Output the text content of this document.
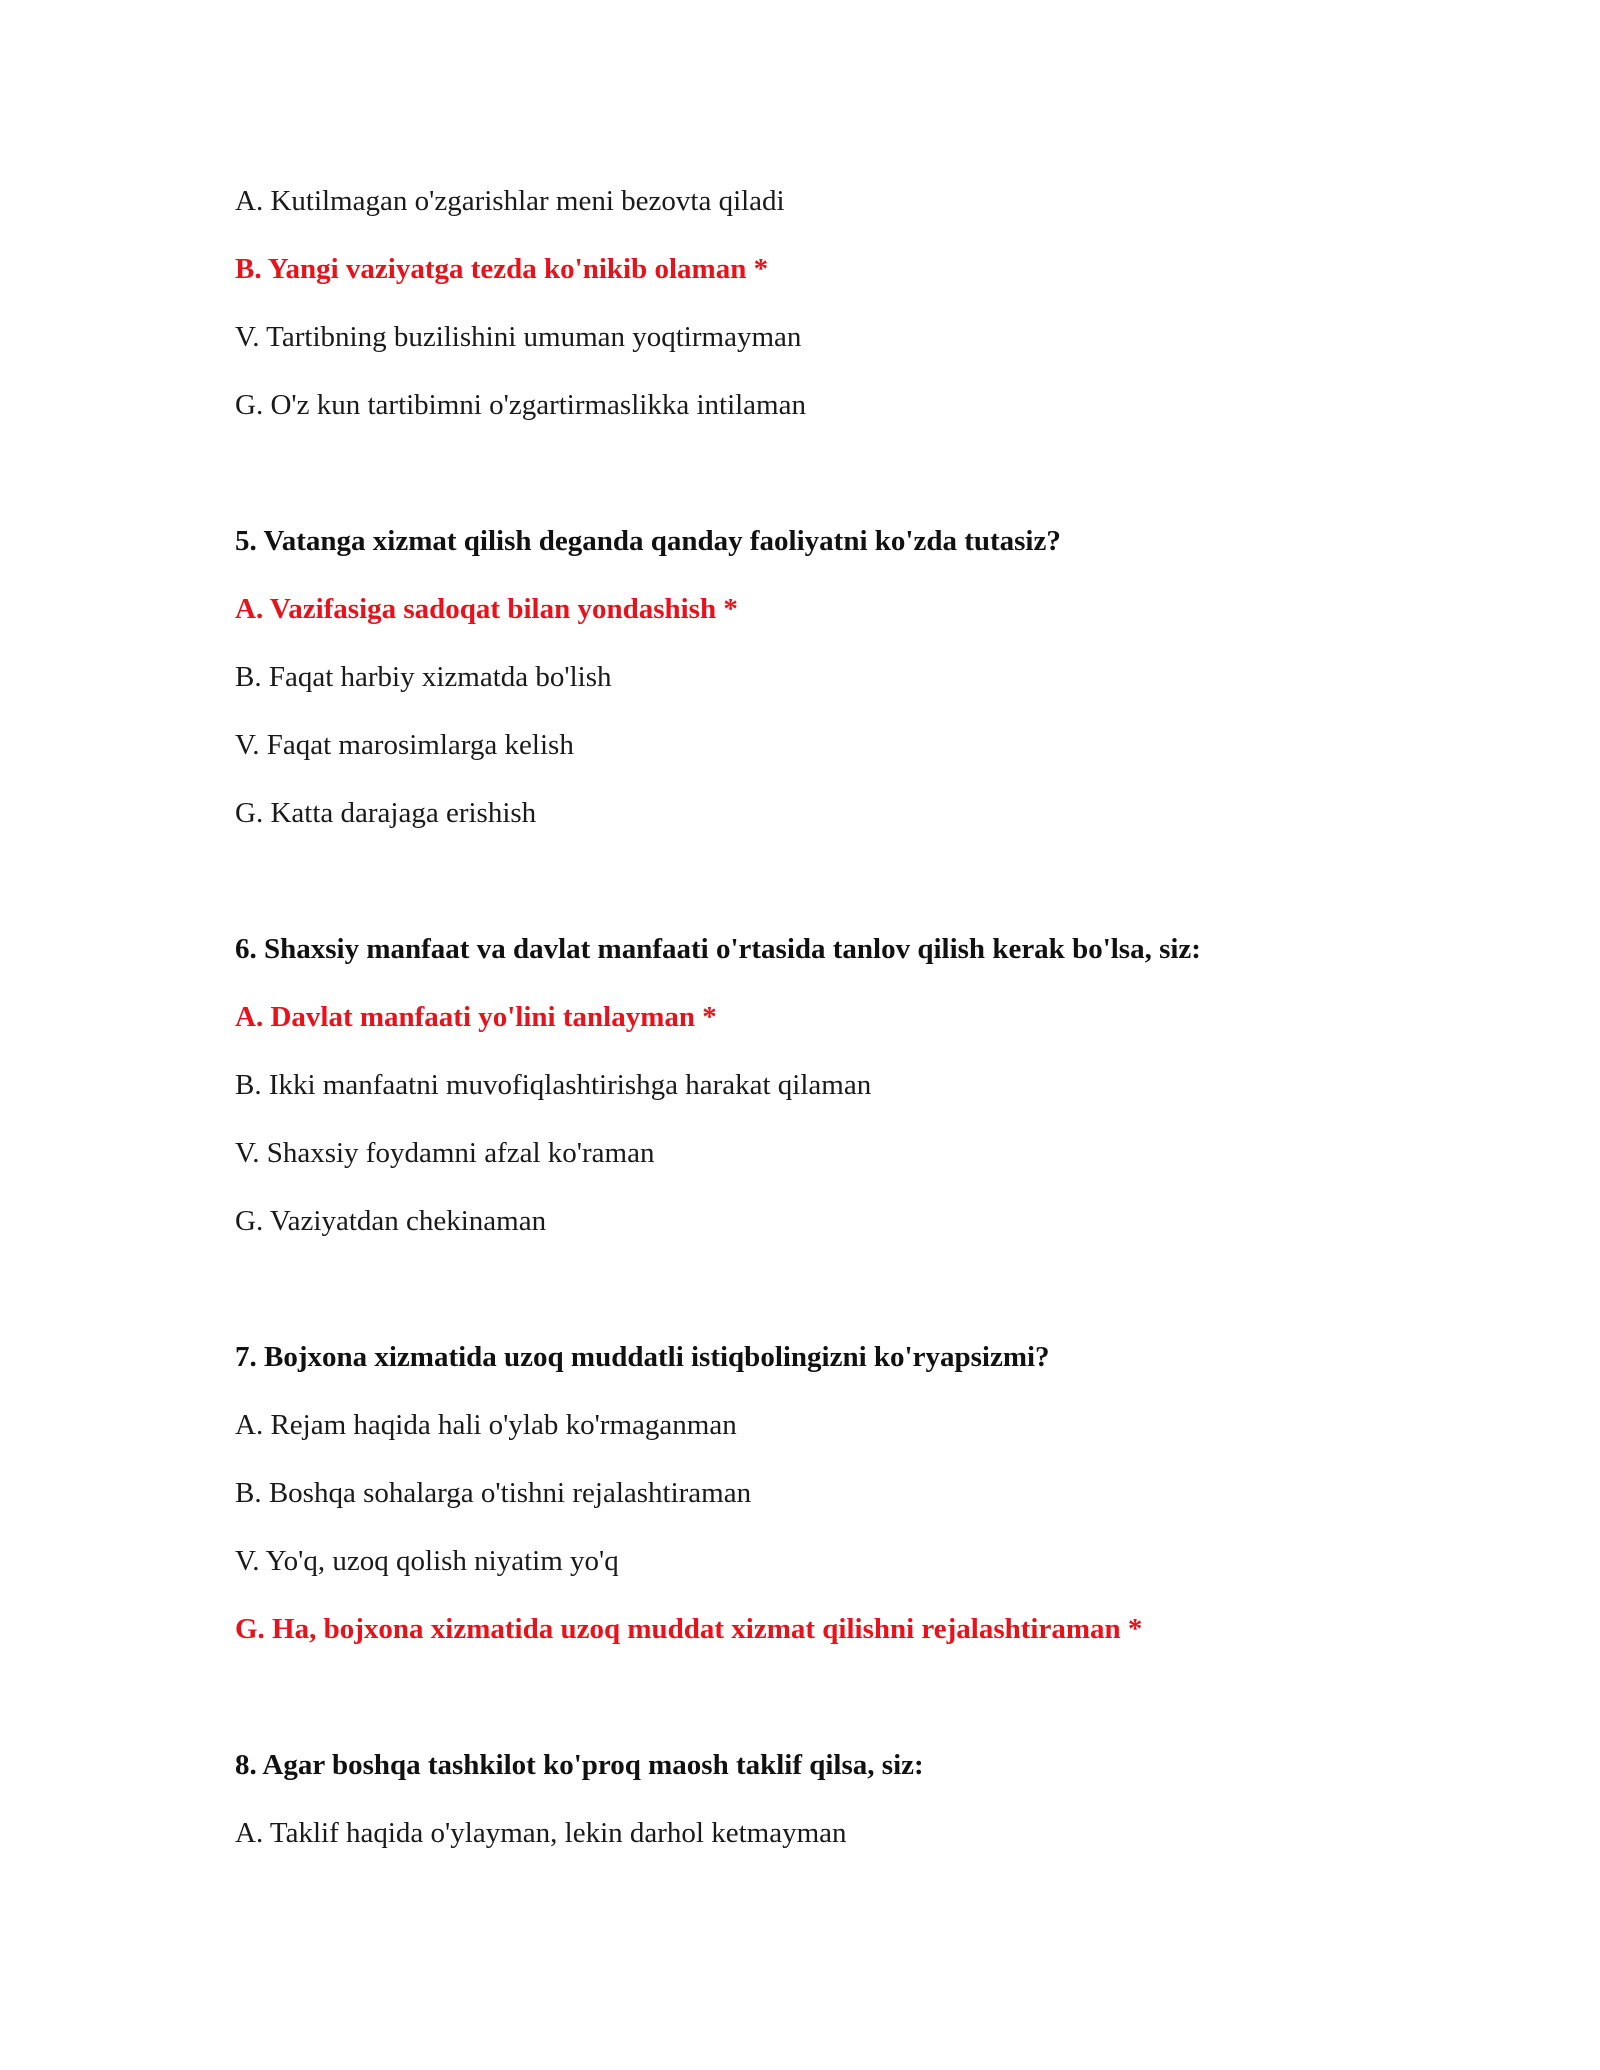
A. Kutilmagan o'zgarishlar meni bezovta qiladi
B. Yangi vaziyatga tezda ko'nikib olaman *
V. Tartibning buzilishini umuman yoqtirmayman
G. O'z kun tartibimni o'zgartirmaslikka intilaman
5. Vatanga xizmat qilish deganda qanday faoliyatni ko'zda tutasiz?
A. Vazifasiga sadoqat bilan yondashish *
B. Faqat harbiy xizmatda bo'lish
V. Faqat marosimlarga kelish
G. Katta darajaga erishish
6. Shaxsiy manfaat va davlat manfaati o'rtasida tanlov qilish kerak bo'lsa, siz:
A. Davlat manfaati yo'lini tanlayman *
B. Ikki manfaatni muvofiqlashtirishga harakat qilaman
V. Shaxsiy foydamni afzal ko'raman
G. Vaziyatdan chekinaman
7. Bojxona xizmatida uzoq muddatli istiqbolingizni ko'ryapsizmi?
A. Rejam haqida hali o'ylab ko'rmaganman
B. Boshqa sohalarga o'tishni rejalashtiraman
V. Yo'q, uzoq qolish niyatim yo'q
G. Ha, bojxona xizmatida uzoq muddat xizmat qilishni rejalashtiraman *
8. Agar boshqa tashkilot ko'proq maosh taklif qilsa, siz:
A. Taklif haqida o'ylayman, lekin darhol ketmayman
